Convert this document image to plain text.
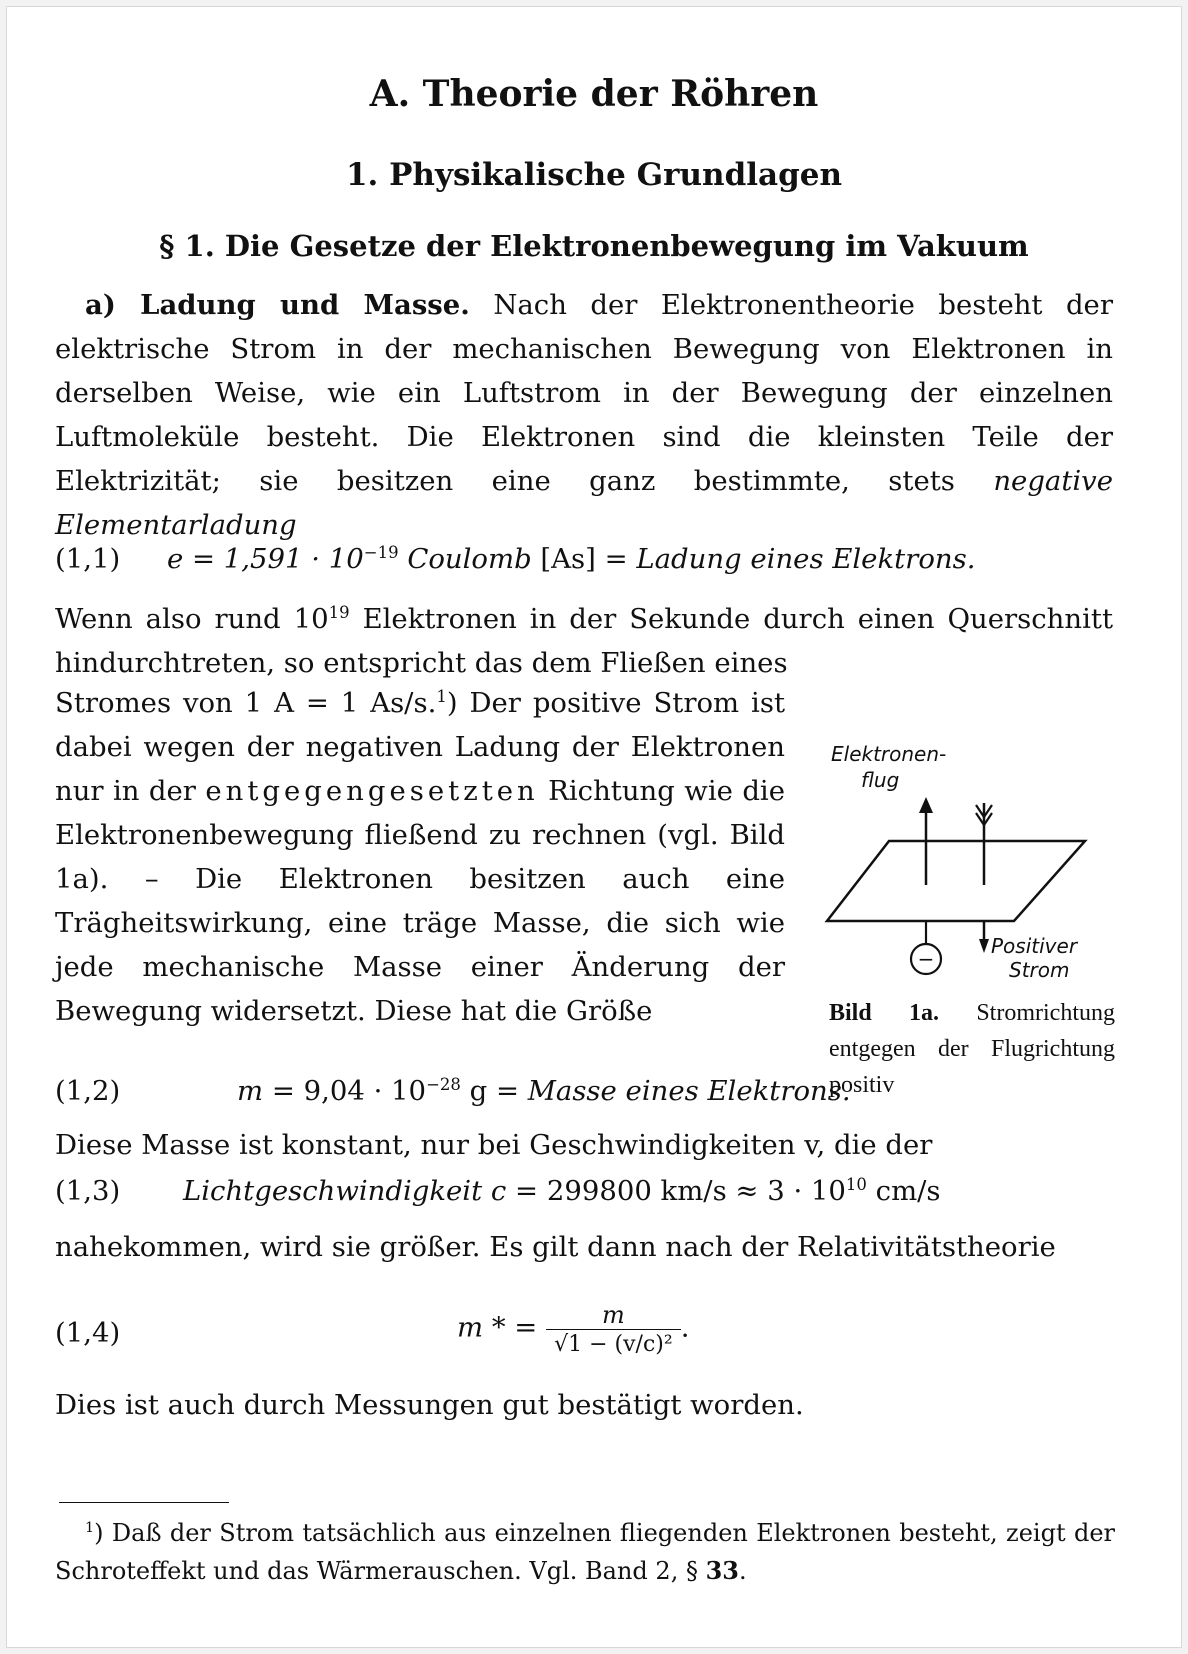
A. Theorie der Röhren
1. Physikalische Grundlagen
§ 1. Die Gesetze der Elektronenbewegung im Vakuum
a) Ladung und Masse. Nach der Elektronentheorie besteht der elektrische Strom in der mechanischen Bewegung von Elektronen in derselben Weise, wie ein Luftstrom in der Bewegung der einzelnen Luftmoleküle besteht. Die Elektronen sind die kleinsten Teile der Elektrizität; sie besitzen eine ganz bestimmte, stets negative Elementarladung
(1,1) $e = 1,591 \cdot 10^{-19}$ Coulomb [As] = Ladung eines Elektrons.
Wenn also rund $10^{19}$ Elektronen in der Sekunde durch einen Querschnitt hindurchtreten, so entspricht das dem Fließen eines
Stromes von 1 A = 1 As/s.$^1$) Der positive Strom ist dabei wegen der negativen Ladung der Elektronen nur in der entgegengesetzten Richtung wie die Elektronenbewegung fließend zu rechnen (vgl. Bild 1a). – Die Elektronen besitzen auch eine Trägheitswirkung, eine träge Masse, die sich wie jede mechanische Masse einer Änderung der Bewegung widersetzt. Diese hat die Größe
Elektronen-
flug
−
Positiver
Strom
Bild 1a. Stromrichtung entgegen der Flugrichtung positiv
(1,2)	$m = 9,04 \cdot 10^{-28}$ g = Masse eines Elektrons.
Diese Masse ist konstant, nur bei Geschwindigkeiten v, die der
(1,3) Lichtgeschwindigkeit c = 299800 $km/s \approx 3 \cdot 10^{10}$ cm/s
nahekommen, wird sie größer. Es gilt dann nach der Relativitätstheorie
(1,4)	m * = $\frac{m}{\text{√1 − (v/c)²}}$ .
Dies ist auch durch Messungen gut bestätigt worden.
$^1$) Daß der Strom tatsächlich aus einzelnen fliegenden Elektronen besteht, zeigt der Schroteffekt und das Wärmerauschen. Vgl. Band 2, § 33.
